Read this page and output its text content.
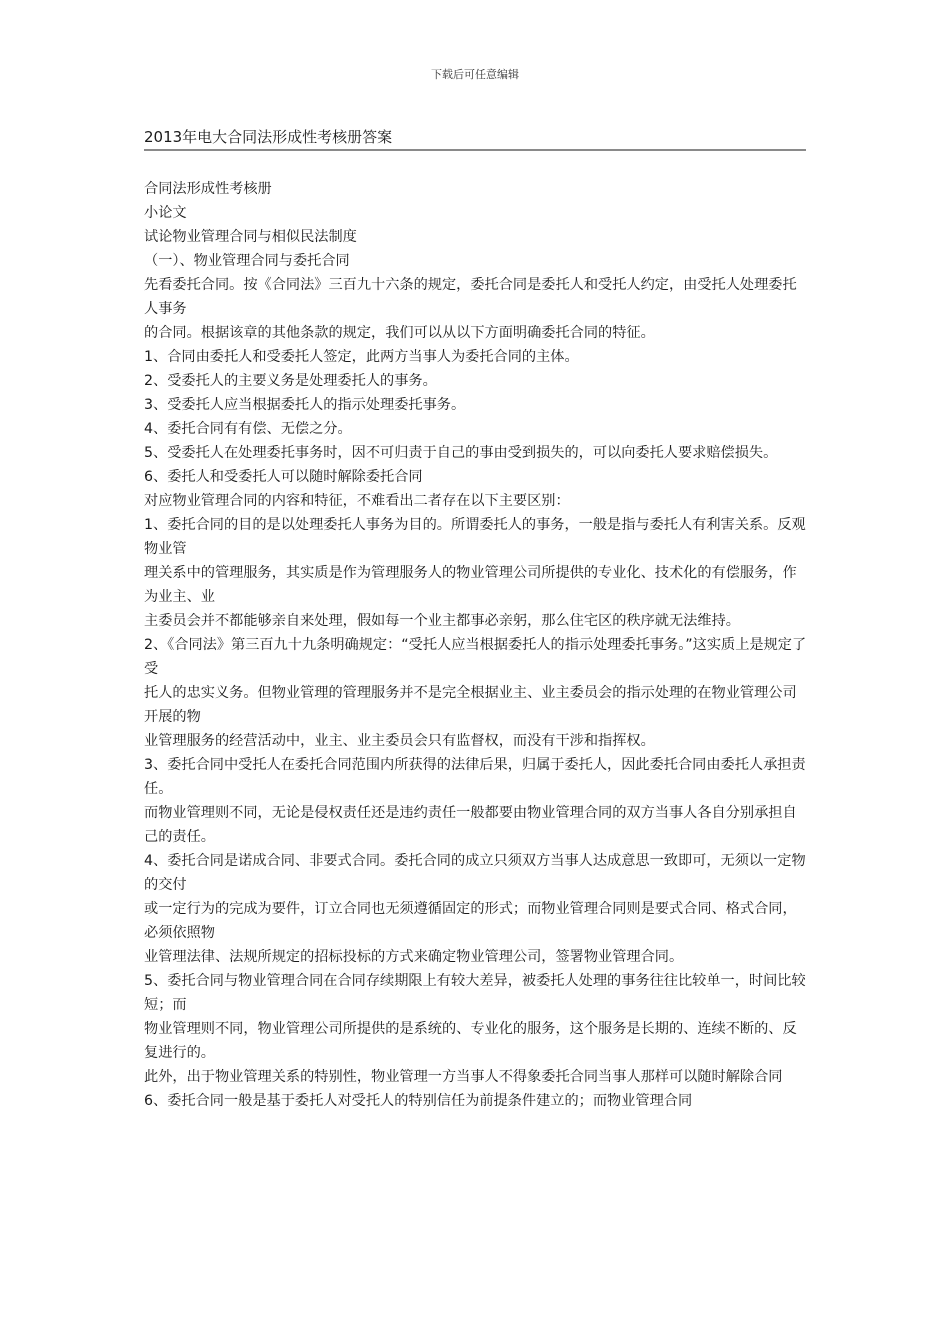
下载后可任意编辑
2013年电大合同法形成性考核册答案

合同法形成性考核册

小论文

试论物业管理合同与相似民法制度

（一）、物业管理合同与委托合同

先看委托合同。按《合同法》三百九十六条的规定，委托合同是委托人和受托人约定，由受托人处理委托人事务

的合同。根据该章的其他条款的规定，我们可以从以下方面明确委托合同的特征。

1、合同由委托人和受委托人签定，此两方当事人为委托合同的主体。

2、受委托人的主要义务是处理委托人的事务。

3、受委托人应当根据委托人的指示处理委托事务。

4、委托合同有有偿、无偿之分。

5、受委托人在处理委托事务时，因不可归责于自己的事由受到损失的，可以向委托人要求赔偿损失。

6、委托人和受委托人可以随时解除委托合同

对应物业管理合同的内容和特征，不难看出二者存在以下主要区别：

1、委托合同的目的是以处理委托人事务为目的。所谓委托人的事务，一般是指与委托人有利害关系。反观物业管

理关系中的管理服务，其实质是作为管理服务人的物业管理公司所提供的专业化、技术化的有偿服务，作为业主、业

主委员会并不都能够亲自来处理，假如每一个业主都事必亲躬，那么住宅区的秩序就无法维持。

2、《合同法》第三百九十九条明确规定：“受托人应当根据委托人的指示处理委托事务。”这实质上是规定了受

托人的忠实义务。但物业管理的管理服务并不是完全根据业主、业主委员会的指示处理的在物业管理公司开展的物

业管理服务的经营活动中，业主、业主委员会只有监督权，而没有干涉和指挥权。

3、委托合同中受托人在委托合同范围内所获得的法律后果，归属于委托人，因此委托合同由委托人承担责任。

而物业管理则不同，无论是侵权责任还是违约责任一般都要由物业管理合同的双方当事人各自分别承担自己的责任。

4、委托合同是诺成合同、非要式合同。委托合同的成立只须双方当事人达成意思一致即可，无须以一定物的交付

或一定行为的完成为要件，订立合同也无须遵循固定的形式；而物业管理合同则是要式合同、格式合同，必须依照物

业管理法律、法规所规定的招标投标的方式来确定物业管理公司，签署物业管理合同。

5、委托合同与物业管理合同在合同存续期限上有较大差异，被委托人处理的事务往往比较单一，时间比较短；而

物业管理则不同，物业管理公司所提供的是系统的、专业化的服务，这个服务是长期的、连续不断的、反复进行的。

此外，出于物业管理关系的特别性，物业管理一方当事人不得象委托合同当事人那样可以随时解除合同

6、委托合同一般是基于委托人对受托人的特别信任为前提条件建立的；而物业管理合同
